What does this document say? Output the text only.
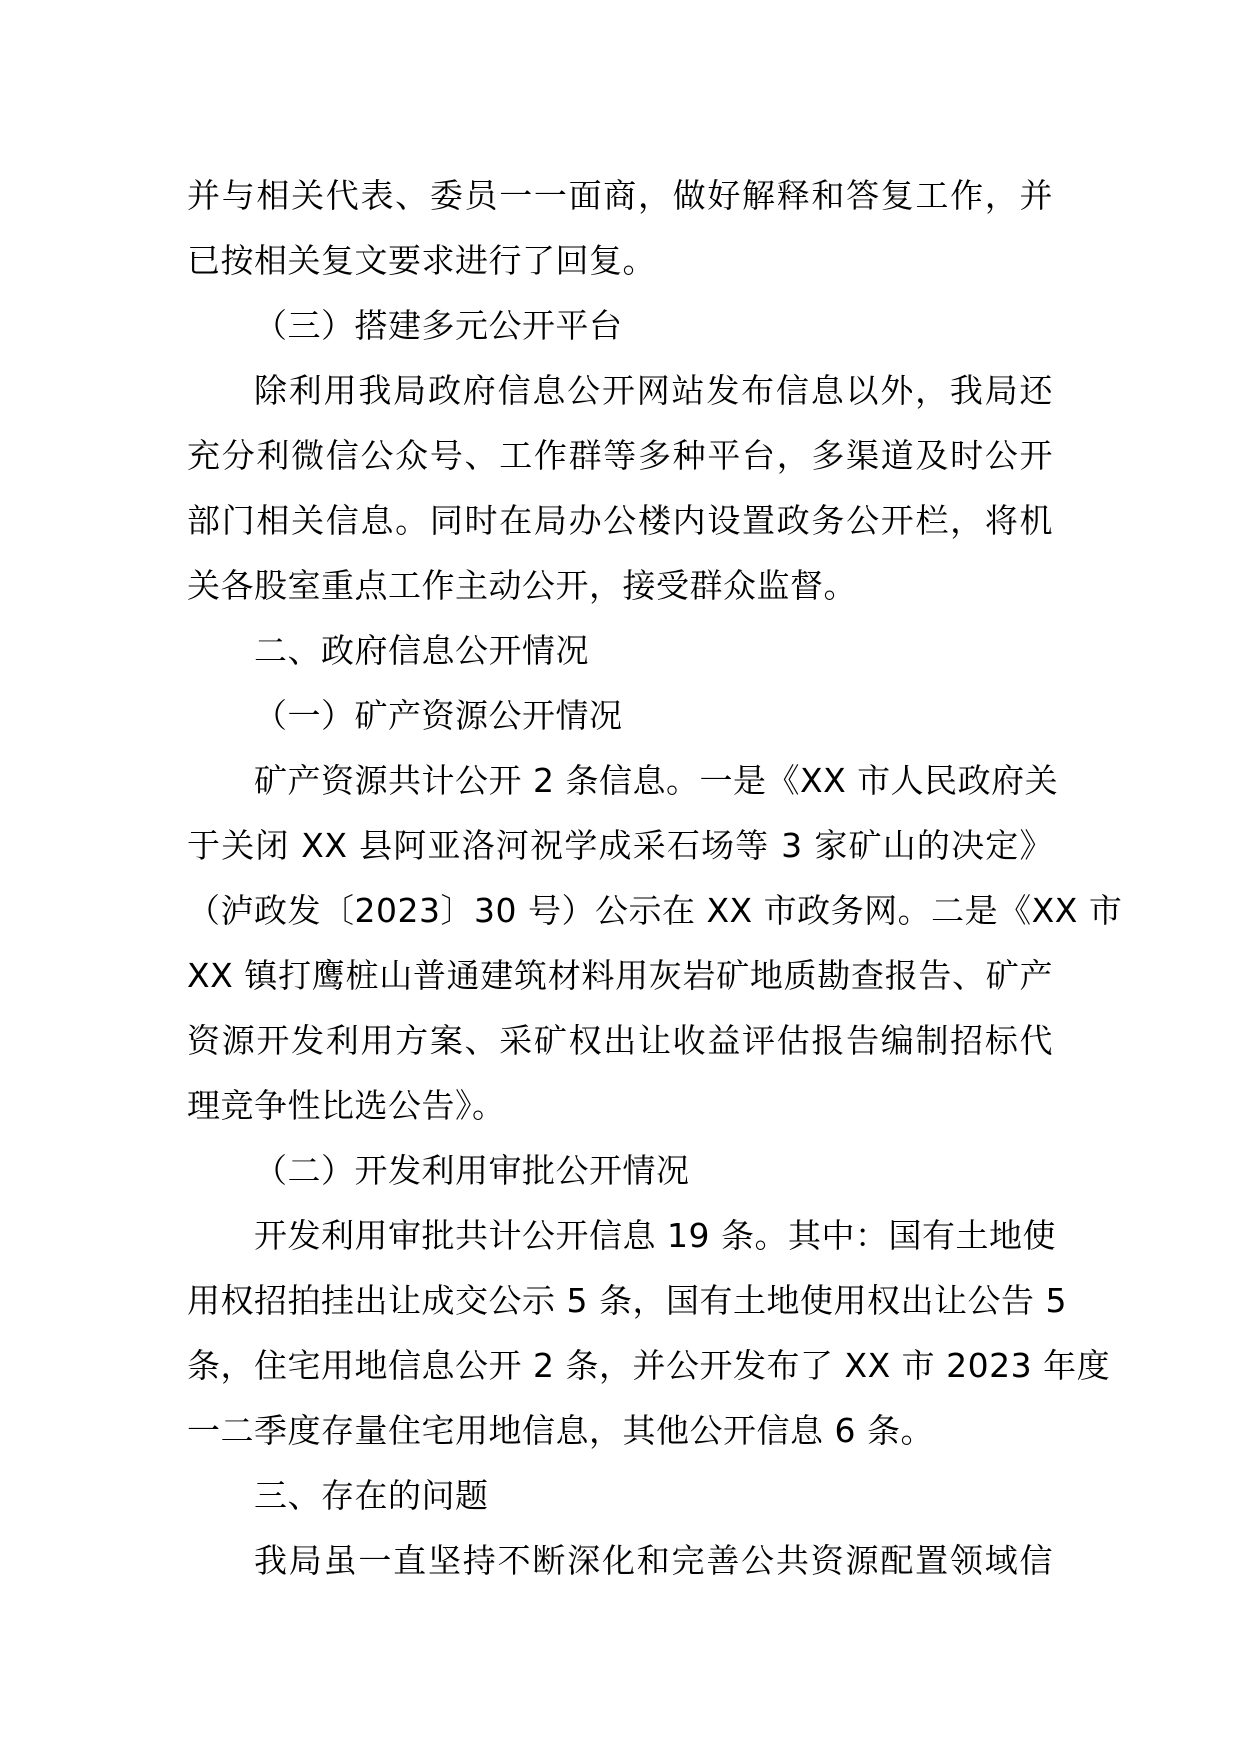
并与相关代表、委员一一面商，做好解释和答复工作，并
已按相关复文要求进行了回复。
（三）搭建多元公开平台
除利用我局政府信息公开网站发布信息以外，我局还
充分利微信公众号、工作群等多种平台，多渠道及时公开
部门相关信息。同时在局办公楼内设置政务公开栏，将机
关各股室重点工作主动公开，接受群众监督。
二、政府信息公开情况
（一）矿产资源公开情况
矿产资源共计公开 2 条信息。一是《XX 市人民政府关
于关闭 XX 县阿亚洛河祝学成采石场等 3 家矿山的决定》
（泸政发〔2023〕30 号）公示在 XX 市政务网。二是《XX 市
XX 镇打鹰桩山普通建筑材料用灰岩矿地质勘查报告、矿产
资源开发利用方案、采矿权出让收益评估报告编制招标代
理竞争性比选公告》。
（二）开发利用审批公开情况
开发利用审批共计公开信息 19 条。其中：国有土地使
用权招拍挂出让成交公示 5 条，国有土地使用权出让公告 5
条，住宅用地信息公开 2 条，并公开发布了 XX 市 2023 年度
一二季度存量住宅用地信息，其他公开信息 6 条。
三、存在的问题
我局虽一直坚持不断深化和完善公共资源配置领域信
